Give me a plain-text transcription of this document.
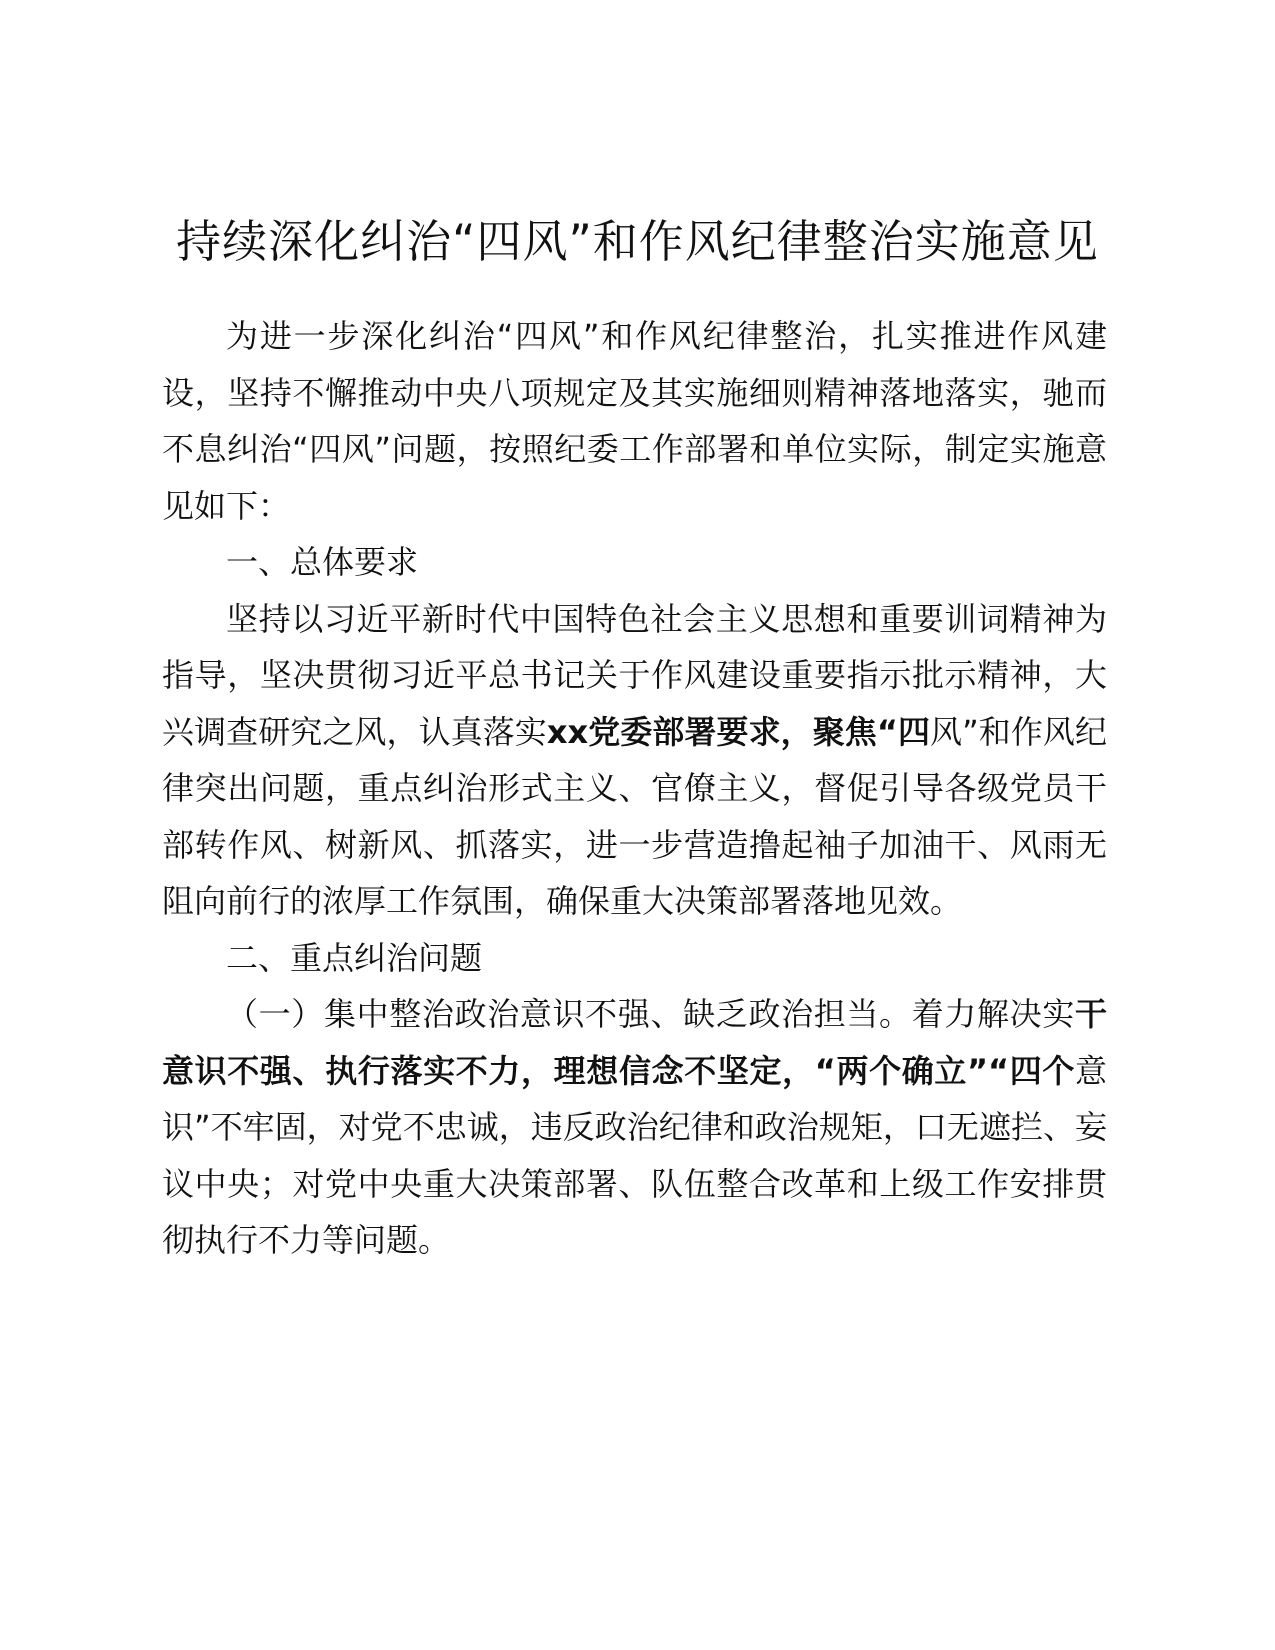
持续深化纠治“四风”和作风纪律整治实施意见

为进一步深化纠治“四风”和作风纪律整治，扎实推进作风建设，坚持不懈推动中央八项规定及其实施细则精神落地落实，驰而不息纠治“四风”问题，按照纪委工作部署和单位实际，制定实施意见如下：

一、总体要求

坚持以习近平新时代中国特色社会主义思想和重要训词精神为指导，坚决贯彻习近平总书记关于作风建设重要指示批示精神，大兴调查研究之风，认真落实xx党委部署要求，聚焦“四风”和作风纪律突出问题，重点纠治形式主义、官僚主义，督促引导各级党员干部转作风、树新风、抓落实，进一步营造撸起袖子加油干、风雨无阻向前行的浓厚工作氛围，确保重大决策部署落地见效。

二、重点纠治问题

（一）集中整治政治意识不强、缺乏政治担当。着力解决实干意识不强、执行落实不力，理想信念不坚定，“两个确立”“四个意识”不牢固，对党不忠诚，违反政治纪律和政治规矩，口无遮拦、妄议中央；对党中央重大决策部署、队伍整合改革和上级工作安排贯彻执行不力等问题。
